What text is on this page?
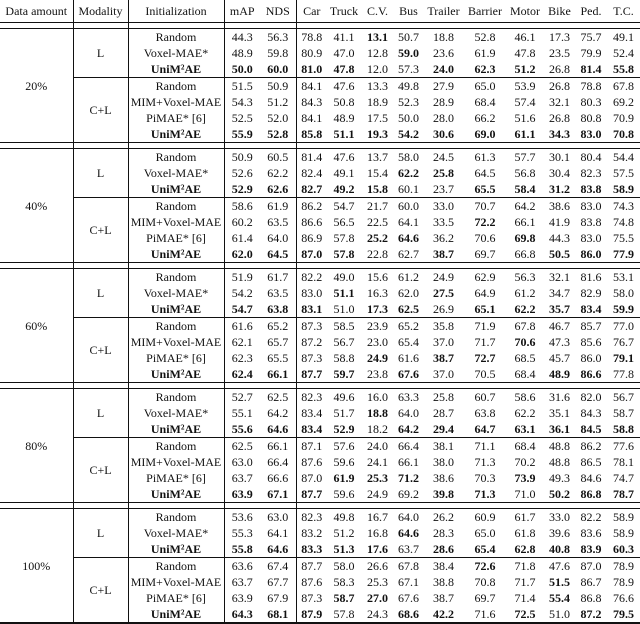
Data amount	Modality	Initialization	mAP	NDS	Car	Truck	C.V.	Bus	Trailer	Barrier	Motor	Bike	Ped.	T.C.

20%	L	Random	44.3	56.3	78.8	41.1	13.1	50.7	18.8	52.8	46.1	17.3	75.7	49.1
		Voxel-MAE*	48.9	59.8	80.9	47.0	12.8	59.0	23.6	61.9	47.8	23.5	79.9	52.4
		UniM²AE	50.0	60.0	81.0	47.8	12.0	57.3	24.0	62.3	51.2	26.8	81.4	55.8
	C+L	Random	51.5	50.9	84.1	47.6	13.3	49.8	27.9	65.0	53.9	26.8	78.8	67.8
		MIM+Voxel-MAE	54.3	51.2	84.3	50.8	18.9	52.3	28.9	68.4	57.4	32.1	80.3	69.2
		PiMAE* [6]	52.5	52.0	84.1	48.9	17.5	50.0	28.0	66.2	51.6	26.8	80.8	70.9
		UniM²AE	55.9	52.8	85.8	51.1	19.3	54.2	30.6	69.0	61.1	34.3	83.0	70.8

40%	L	Random	50.9	60.5	81.4	47.6	13.7	58.0	24.5	61.3	57.7	30.1	80.4	54.4
		Voxel-MAE*	52.6	62.2	82.4	49.1	15.4	62.2	25.8	64.5	56.8	30.4	82.3	57.5
		UniM²AE	52.9	62.6	82.7	49.2	15.8	60.1	23.7	65.5	58.4	31.2	83.8	58.9
	C+L	Random	58.6	61.9	86.2	54.7	21.7	60.0	33.0	70.7	64.2	38.6	83.0	74.3
		MIM+Voxel-MAE	60.2	63.5	86.6	56.5	22.5	64.1	33.5	72.2	66.1	41.9	83.8	74.8
		PiMAE* [6]	61.4	64.0	86.9	57.8	25.2	64.6	36.2	70.6	69.8	44.3	83.0	75.5
		UniM²AE	62.0	64.5	87.0	57.8	22.8	62.7	38.7	69.7	66.8	50.5	86.0	77.9

60%	L	Random	51.9	61.7	82.2	49.0	15.6	61.2	24.9	62.9	56.3	32.1	81.6	53.1
		Voxel-MAE*	54.2	63.5	83.0	51.1	16.3	62.0	27.5	64.9	61.2	34.7	82.9	58.0
		UniM²AE	54.7	63.8	83.1	51.0	17.3	62.5	26.9	65.1	62.2	35.7	83.4	59.9
	C+L	Random	61.6	65.2	87.3	58.5	23.9	65.2	35.8	71.9	67.8	46.7	85.7	77.0
		MIM+Voxel-MAE	62.1	65.7	87.2	56.7	23.0	65.4	37.0	71.7	70.6	47.3	85.6	76.7
		PiMAE* [6]	62.3	65.5	87.3	58.8	24.9	61.6	38.7	72.7	68.5	45.7	86.0	79.1
		UniM²AE	62.4	66.1	87.7	59.7	23.8	67.6	37.0	70.5	68.4	48.9	86.6	77.8

80%	L	Random	52.7	62.5	82.3	49.6	16.0	63.3	25.8	60.7	58.6	31.6	82.0	56.7
		Voxel-MAE*	55.1	64.2	83.4	51.7	18.8	64.0	28.7	63.8	62.2	35.1	84.3	58.7
		UniM²AE	55.6	64.6	83.4	52.9	18.2	64.2	29.4	64.7	63.1	36.1	84.5	58.8
	C+L	Random	62.5	66.1	87.1	57.6	24.0	66.4	38.1	71.1	68.4	48.8	86.2	77.6
		MIM+Voxel-MAE	63.0	66.4	87.6	59.6	24.1	66.1	38.0	71.3	70.2	48.8	86.5	78.1
		PiMAE* [6]	63.7	66.6	87.0	61.9	25.3	71.2	38.6	70.3	73.9	49.3	84.6	74.7
		UniM²AE	63.9	67.1	87.7	59.6	24.9	69.2	39.8	71.3	71.0	50.2	86.8	78.7

100%	L	Random	53.6	63.0	82.3	49.8	16.7	64.0	26.2	60.9	61.7	33.0	82.2	58.9
		Voxel-MAE*	55.3	64.1	83.2	51.2	16.8	64.6	28.3	65.0	61.8	39.6	83.6	58.9
		UniM²AE	55.8	64.6	83.3	51.3	17.6	63.7	28.6	65.4	62.8	40.8	83.9	60.3
	C+L	Random	63.6	67.4	87.7	58.0	26.6	67.8	38.4	72.6	71.8	47.6	87.0	78.9
		MIM+Voxel-MAE	63.7	67.7	87.6	58.3	25.3	67.1	38.8	70.8	71.7	51.5	86.7	78.9
		PiMAE* [6]	63.9	67.9	87.3	58.7	27.0	67.6	38.7	69.7	71.4	55.4	86.8	76.6
		UniM²AE	64.3	68.1	87.9	57.8	24.3	68.6	42.2	71.6	72.5	51.0	87.2	79.5
